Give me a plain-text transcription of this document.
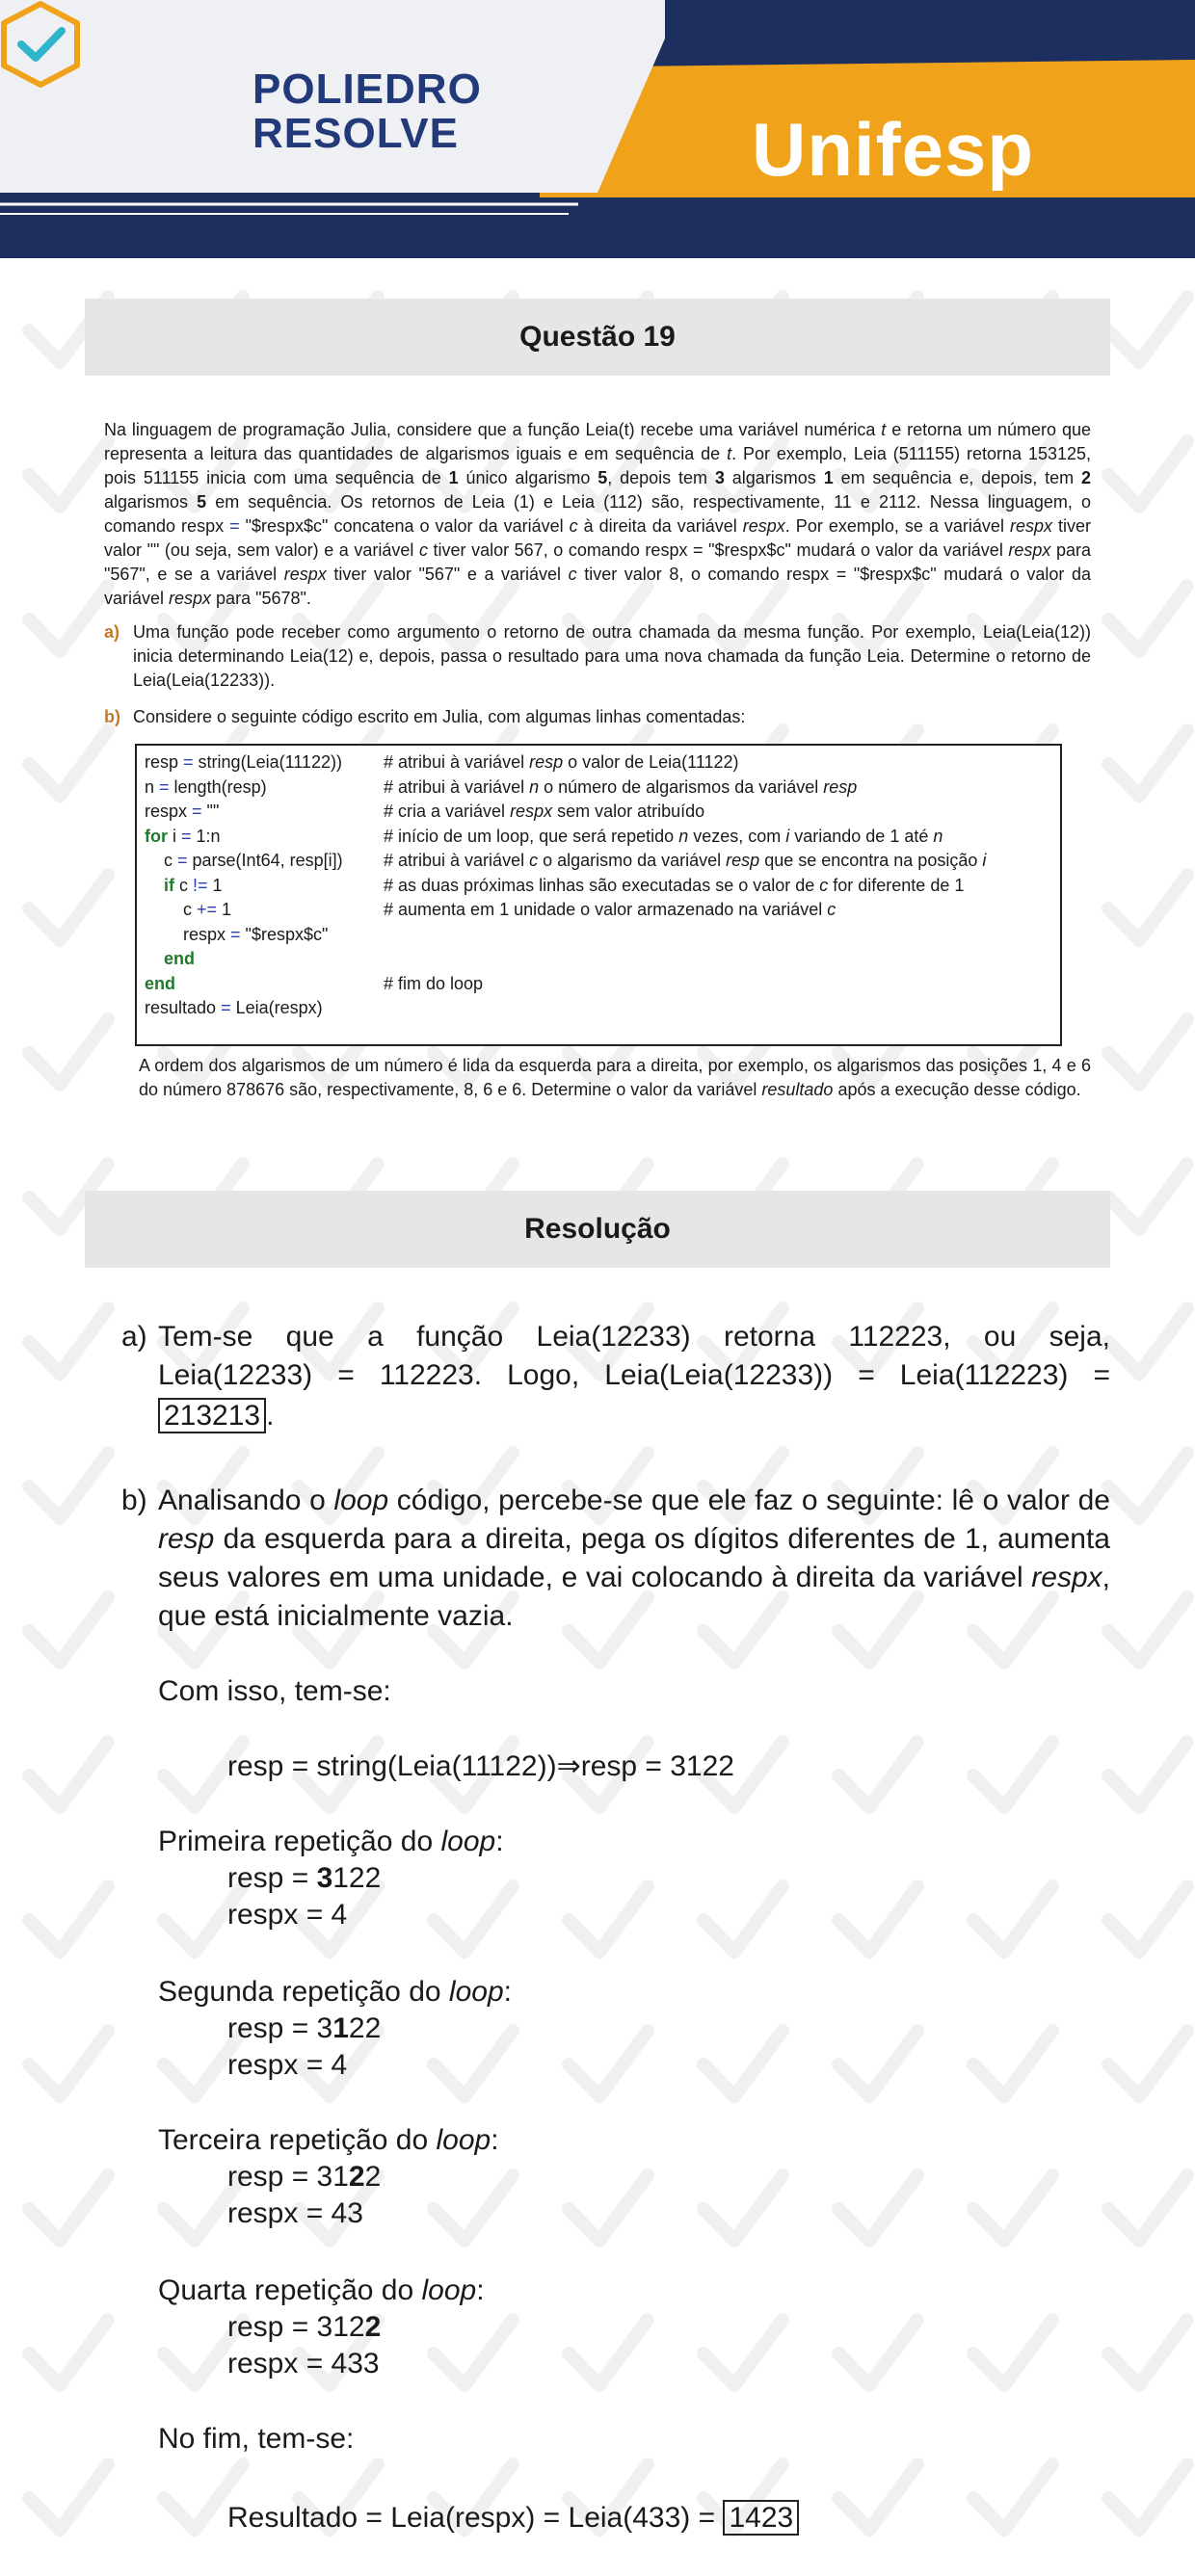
POLIEDRO
RESOLVE	Unifesp
Questão 19

Na linguagem de programação Julia, considere que a função Leia(t) recebe uma variável numérica t e retorna um número que representa a leitura das quantidades de algarismos iguais e em sequência de t. Por exemplo, Leia (511155) retorna 153125, pois 511155 inicia com uma sequência de 1 único algarismo 5, depois tem 3 algarismos 1 em sequência e, depois, tem 2 algarismos 5 em sequência. Os retornos de Leia (1) e Leia (112) são, respectivamente, 11 e 2112. Nessa linguagem, o comando respx = "$respx$c" concatena o valor da variável c à direita da variável respx. Por exemplo, se a variável respx tiver valor "" (ou seja, sem valor) e a variável c tiver valor 567, o comando respx = "$respx$c" mudará o valor da variável respx para "567", e se a variável respx tiver valor "567" e a variável c tiver valor 8, o comando respx = "$respx$c" mudará o valor da variável respx para "5678".

a) Uma função pode receber como argumento o retorno de outra chamada da mesma função. Por exemplo, Leia(Leia(12)) inicia determinando Leia(12) e, depois, passa o resultado para uma nova chamada da função Leia. Determine o retorno de Leia(Leia(12233)).
b) Considere o seguinte código escrito em Julia, com algumas linhas comentadas:
resp = string(Leia(11122))
n = length(resp)
respx = ""
for i = 1:n
c = parse(Int64, resp[i])
if c != 1
c += 1
respx = "$respx$c"
end
end
resultado = Leia(respx)
# atribui à variável resp o valor de Leia(11122)
# atribui à variável n o número de algarismos da variável resp
# cria a variável respx sem valor atribuído
# início de um loop, que será repetido n vezes, com i variando de 1 até n
# atribui à variável c o algarismo da variável resp que se encontra na posição i
# as duas próximas linhas são executadas se o valor de c for diferente de 1
# aumenta em 1 unidade o valor armazenado na variável c
# fim do loop

A ordem dos algarismos de um número é lida da esquerda para a direita, por exemplo, os algarismos das posições 1, 4 e 6 do número 878676 são, respectivamente, 8, 6 e 6. Determine o valor da variável resultado após a execução desse código.

Resolução
a) Tem-se que a função Leia(12233) retorna 112223, ou seja,
Leia(12233) = 112223. Logo, Leia(Leia(12233)) = Leia(112223) =
213213 .
b) Analisando o loop código, percebe-se que ele faz o seguinte: lê o valor de resp da esquerda para a direita, pega os dígitos diferentes de 1, aumenta seus valores em uma unidade, e vai colocando à direita da variável respx, que está inicialmente vazia.
Com isso, tem-se:
resp = string(Leia(11122))⇒resp = 3122
Primeira repetição do loop:
resp = 3122
respx = 4
Segunda repetição do loop:
resp = 3122
respx = 4
Terceira repetição do loop:
resp = 3122
respx = 43
Quarta repetição do loop:
resp = 3122
respx = 433
No fim, tem-se:
Resultado = Leia(respx) = Leia(433) = 1423
